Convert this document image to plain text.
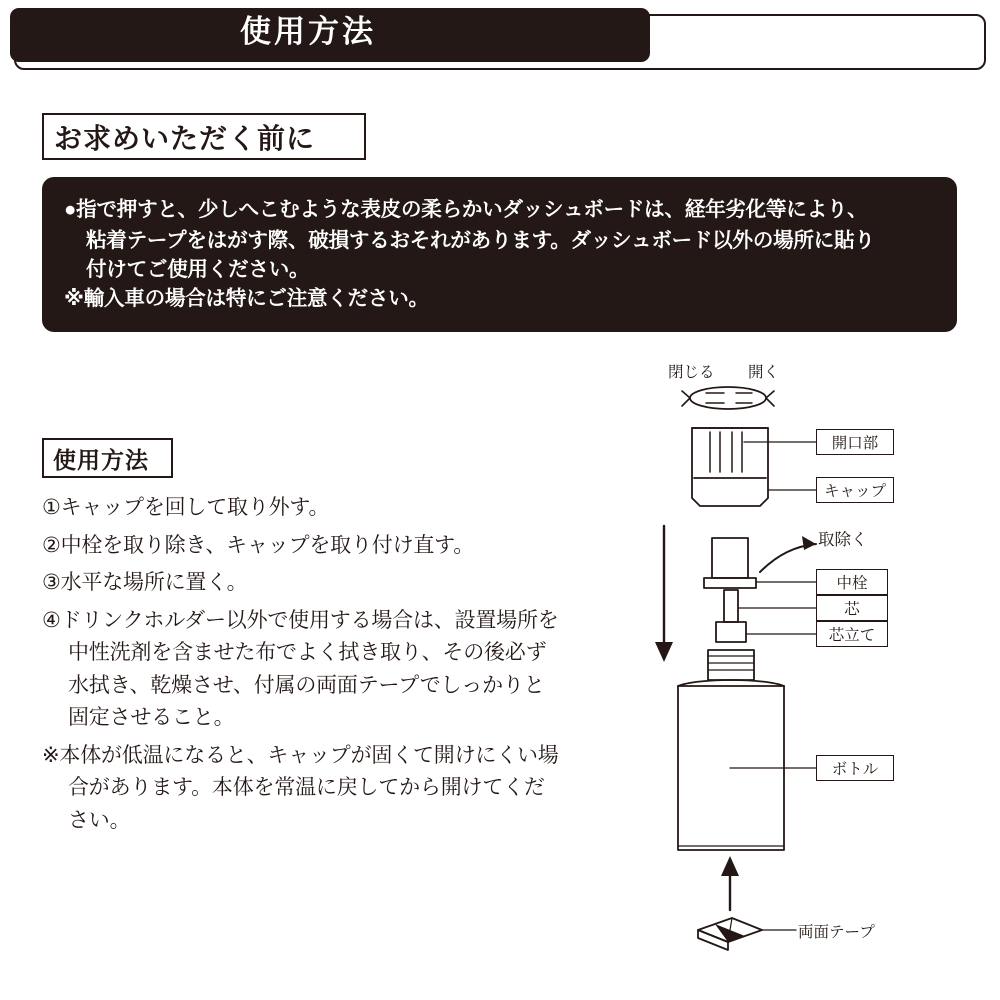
使用方法
お求めいただく前に

●指で押すと、少しへこむような表皮の柔らかいダッシュボードは、経年劣化等により、

粘着テープをはがす際、破損するおそれがあります。ダッシュボード以外の場所に貼り

付けてご使用ください。

※輸入車の場合は特にご注意ください。

使用方法
①キャップを回して取り外す。
②中栓を取り除き、キャップを取り付け直す。
③水平な場所に置く。
④ドリンクホルダー以外で使用する場合は、設置場所を中性洗剤を含ませた布でよく拭き取り、その後必ず水拭き、乾燥させ、付属の両面テープでしっかりと固定させること。
※本体が低温になると、キャップが固くて開けにくい場合があります。本体を常温に戻してから開けてください。
閉じる 開く
開口部
キャップ
取除く
中栓
芯
芯立て
ボトル
両面テープ
